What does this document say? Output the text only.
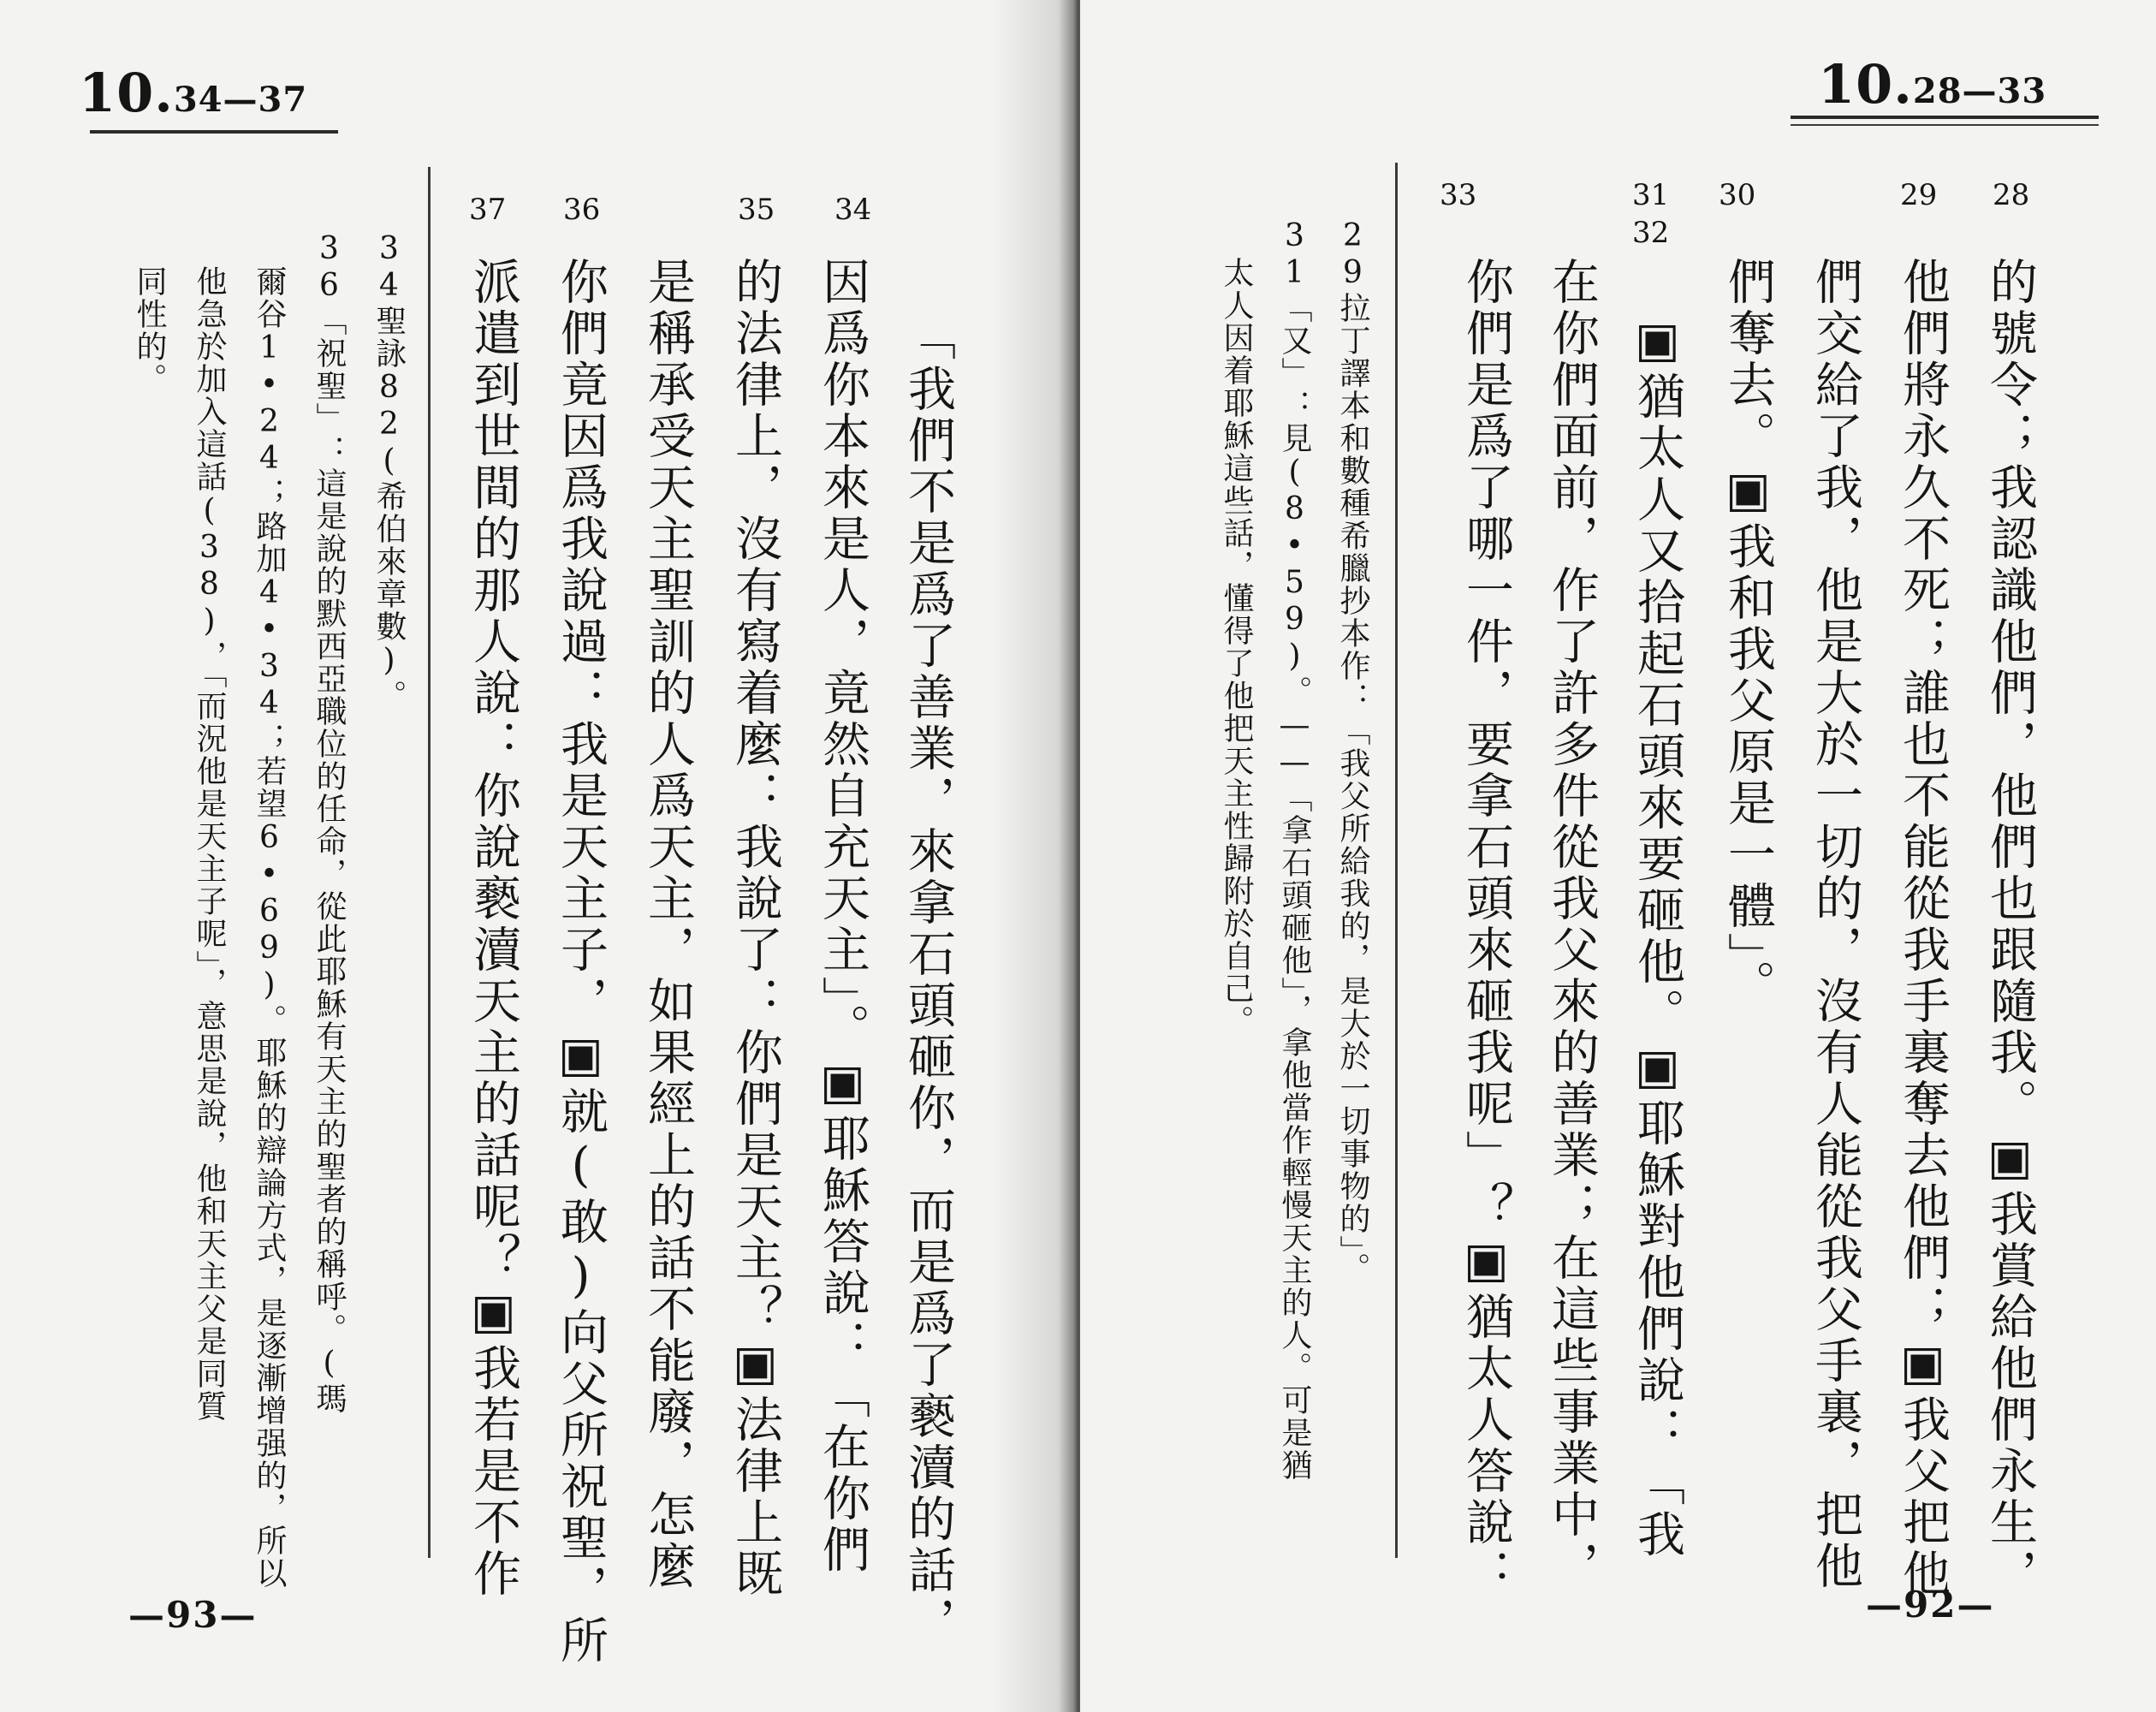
10.34—37
34
35
36
37
「我們不是爲了善業，來拿石頭砸你，而是爲了褻瀆的話，
因爲你本來是人，竟然自充天主」。▣耶穌答說：「在你們
的法律上，沒有寫着麼：我說了：你們是天主？▣法律上既
是稱承受天主聖訓的人爲天主，如果經上的話不能廢，怎麼
你們竟因爲我說過：我是天主子，▣就(敢)向父所祝聖，所
派遣到世間的那人說：你說褻瀆天主的話呢？▣我若是不作
34聖詠82(希伯來章數)。
36「祝聖」：這是說的默西亞職位的任命，從此耶穌有天主的聖者的稱呼。(瑪
爾谷1•24；路加4•34；若望6•69)。耶穌的辯論方式，是逐漸增强的，所以
他急於加入這話(38)，「而況他是天主子呢」，意思是說，他和天主父是同質
同性的。
—93—
10.28—33
28
29
30
31
32
33
的號令；我認識他們，他們也跟隨我。▣我賞給他們永生，
他們將永久不死；誰也不能從我手裏奪去他們；▣我父把他
們交給了我，他是大於一切的，沒有人能從我父手裏，把他
們奪去。▣我和我父原是一體」。
▣猶太人又拾起石頭來要砸他。▣耶穌對他們說：「我
在你們面前，作了許多件從我父來的善業；在這些事業中，
你們是爲了哪一件，要拿石頭來砸我呢」？▣猶太人答說：
29拉丁譯本和數種希臘抄本作：「我父所給我的，是大於一切事物的」。
31「又」：見(8•59)。——「拿石頭砸他」，拿他當作輕慢天主的人。可是猶
太人因着耶穌這些話，懂得了他把天主性歸附於自己。
—92—
